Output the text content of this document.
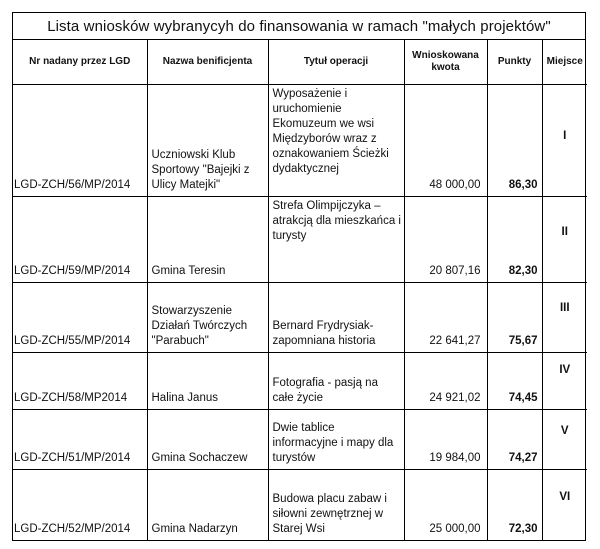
Lista wniosków wybranycyh do finansowania w ramach "małych projektów"
Nr nadany przez LGD	Nazwa benificjenta	Tytuł operacji	Wnioskowana kwota	Punkty	Miejsce
LGD-ZCH/56/MP/2014	Uczniowski Klub Sportowy "Bajejki z Ulicy Matejki"	Wyposażenie i uruchomienie Ekomuzeum we wsi Międzyborów wraz z oznakowaniem Ścieżki dydaktycznej	48 000,00	86,30	I

LGD-ZCH/59/MP/2014	Gmina Teresin	Strefa Olimpijczyka – atrakcją dla mieszkańca i turysty	20 807,16	82,30	II

LGD-ZCH/55/MP/2014	Stowarzyszenie Działań Twórczych "Parabuch"	Bernard Frydrysiak- zapomniana historia	22 641,27	75,67	III

LGD-ZCH/58/MP2014	Halina Janus	Fotografia - pasją na całe życie	24 921,02	74,45	IV

LGD-ZCH/51/MP/2014	Gmina Sochaczew	Dwie tablice informacyjne i mapy dla turystów	19 984,00	74,27	V

LGD-ZCH/52/MP/2014	Gmina Nadarzyn	Budowa placu zabaw i siłowni zewnętrznej w Starej Wsi	25 000,00	72,30	VI
